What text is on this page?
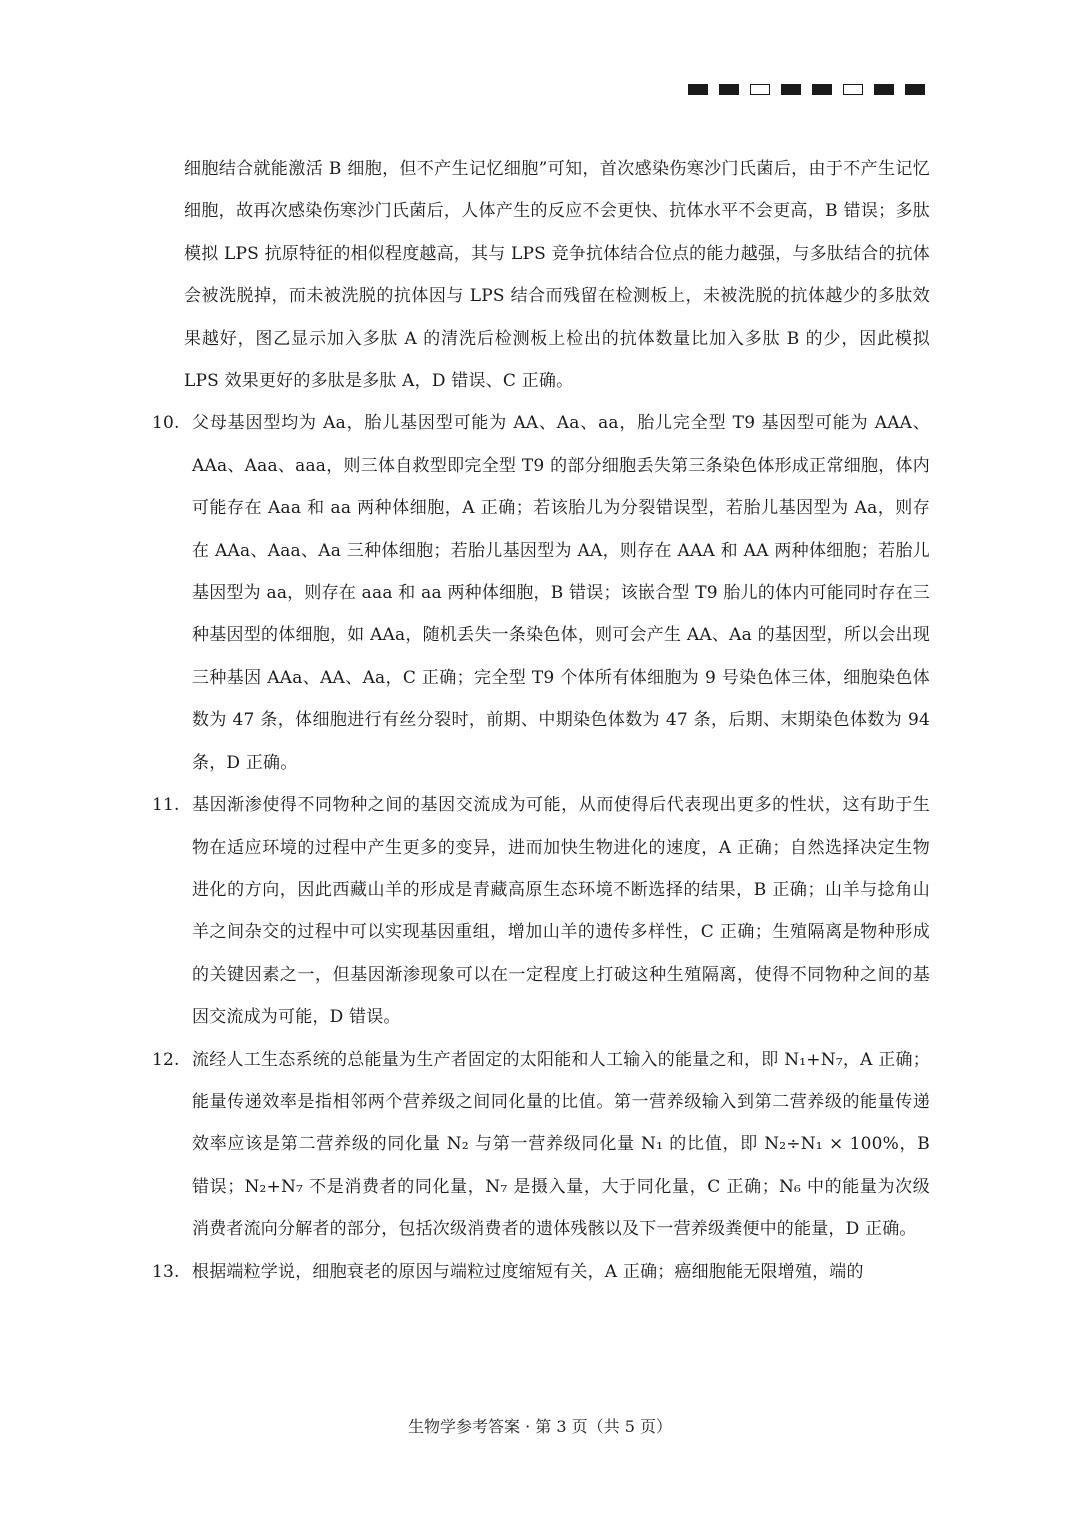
细胞结合就能激活 B 细胞，但不产生记忆细胞”可知，首次感染伤寒沙门氏菌后，由于不产生记忆细胞，故再次感染伤寒沙门氏菌后，人体产生的反应不会更快、抗体水平不会更高，B 错误；多肽模拟 LPS 抗原特征的相似程度越高，其与 LPS 竞争抗体结合位点的能力越强，与多肽结合的抗体会被洗脱掉，而未被洗脱的抗体因与 LPS 结合而残留在检测板上，未被洗脱的抗体越少的多肽效果越好，图乙显示加入多肽 A 的清洗后检测板上检出的抗体数量比加入多肽 B 的少，因此模拟 LPS 效果更好的多肽是多肽 A，D 错误、C 正确。

10. 父母基因型均为 Aa，胎儿基因型可能为 AA、Aa、aa，胎儿完全型 T9 基因型可能为 AAA、AAa、Aaa、aaa，则三体自救型即完全型 T9 的部分细胞丢失第三条染色体形成正常细胞，体内可能存在 Aaa 和 aa 两种体细胞，A 正确；若该胎儿为分裂错误型，若胎儿基因型为 Aa，则存在 AAa、Aaa、Aa 三种体细胞；若胎儿基因型为 AA，则存在 AAA 和 AA 两种体细胞；若胎儿基因型为 aa，则存在 aaa 和 aa 两种体细胞，B 错误；该嵌合型 T9 胎儿的体内可能同时存在三种基因型的体细胞，如 AAa，随机丢失一条染色体，则可会产生 AA、Aa 的基因型，所以会出现三种基因 AAa、AA、Aa，C 正确；完全型 T9 个体所有体细胞为 9 号染色体三体，细胞染色体数为 47 条，体细胞进行有丝分裂时，前期、中期染色体数为 47 条，后期、末期染色体数为 94 条，D 正确。
11. 基因渐渗使得不同物种之间的基因交流成为可能，从而使得后代表现出更多的性状，这有助于生物在适应环境的过程中产生更多的变异，进而加快生物进化的速度，A 正确；自然选择决定生物进化的方向，因此西藏山羊的形成是青藏高原生态环境不断选择的结果，B 正确；山羊与捻角山羊之间杂交的过程中可以实现基因重组，增加山羊的遗传多样性，C 正确；生殖隔离是物种形成的关键因素之一，但基因渐渗现象可以在一定程度上打破这种生殖隔离，使得不同物种之间的基因交流成为可能，D 错误。
12. 流经人工生态系统的总能量为生产者固定的太阳能和人工输入的能量之和，即 N₁+N₇，A 正确；能量传递效率是指相邻两个营养级之间同化量的比值。第一营养级输入到第二营养级的能量传递效率应该是第二营养级的同化量 N₂ 与第一营养级同化量 N₁ 的比值，即 N₂÷N₁ × 100%，B 错误；N₂+N₇ 不是消费者的同化量，N₇ 是摄入量，大于同化量，C 正确；N₆ 中的能量为次级消费者流向分解者的部分，包括次级消费者的遗体残骸以及下一营养级粪便中的能量，D 正确。
13. 根据端粒学说，细胞衰老的原因与端粒过度缩短有关，A 正确；癌细胞能无限增殖，端的
生物学参考答案 · 第 3 页（共 5 页）
